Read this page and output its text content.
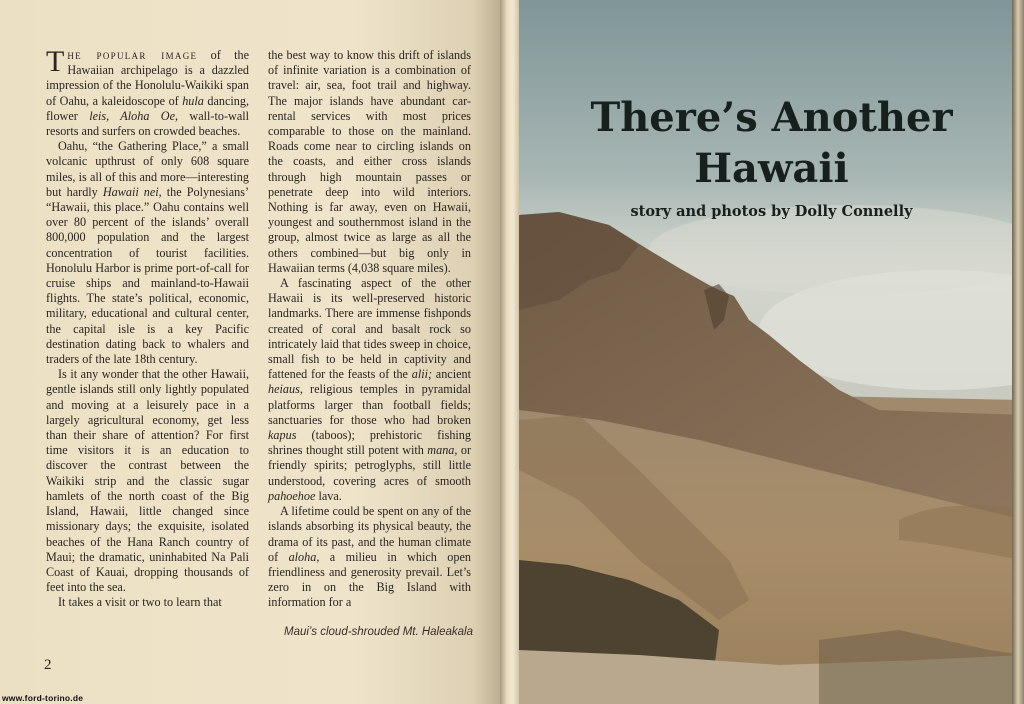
The popular image of the Hawaiian archipelago is a dazzled impression of the Honolulu-Waikiki span of Oahu, a kaleidoscope of hula dancing, flower leis, Aloha Oe, wall-to-wall resorts and surfers on crowded beaches.

Oahu, “the Gathering Place,” a small volcanic upthrust of only 608 square miles, is all of this and more—interesting but hardly Hawaii nei, the Polynesians’ “Hawaii, this place.” Oahu contains well over 80 percent of the islands’ overall 800,000 population and the largest concentration of tourist facilities. Honolulu Harbor is prime port-of-call for cruise ships and mainland-to-Hawaii flights. The state’s political, economic, military, educational and cultural center, the capital isle is a key Pacific destination dating back to whalers and traders of the late 18th century.

Is it any wonder that the other Hawaii, gentle islands still only lightly populated and moving at a leisurely pace in a largely agricultural economy, get less than their share of attention? For first time visitors it is an education to discover the contrast between the Waikiki strip and the classic sugar hamlets of the north coast of the Big Island, Hawaii, little changed since missionary days; the exquisite, isolated beaches of the Hana Ranch country of Maui; the dramatic, uninhabited Na Pali Coast of Kauai, dropping thousands of feet into the sea.

It takes a visit or two to learn that

the best way to know this drift of islands of infinite variation is a combination of travel: air, sea, foot trail and highway. The major islands have abundant car-rental services with most prices comparable to those on the mainland. Roads come near to circling islands on the coasts, and either cross islands through high mountain passes or penetrate deep into wild interiors. Nothing is far away, even on Hawaii, youngest and southernmost island in the group, almost twice as large as all the others combined—but big only in Hawaiian terms (4,038 square miles).

A fascinating aspect of the other Hawaii is its well-preserved historic landmarks. There are immense fishponds created of coral and basalt rock so intricately laid that tides sweep in choice, small fish to be held in captivity and fattened for the feasts of the alii; ancient heiaus, religious temples in pyramidal platforms larger than football fields; sanctuaries for those who had broken kapus (taboos); prehistoric fishing shrines thought still potent with mana, or friendly spirits; petroglyphs, still little understood, covering acres of smooth pahoehoe lava.

A lifetime could be spent on any of the islands absorbing its physical beauty, the drama of its past, and the human climate of aloha, a milieu in which open friendliness and generosity prevail. Let’s zero in on the Big Island with information for a

Maui’s cloud-shrouded Mt. Haleakala
2
There’s Another
Hawaii
story and photos by Dolly Connelly
www.ford-torino.de
